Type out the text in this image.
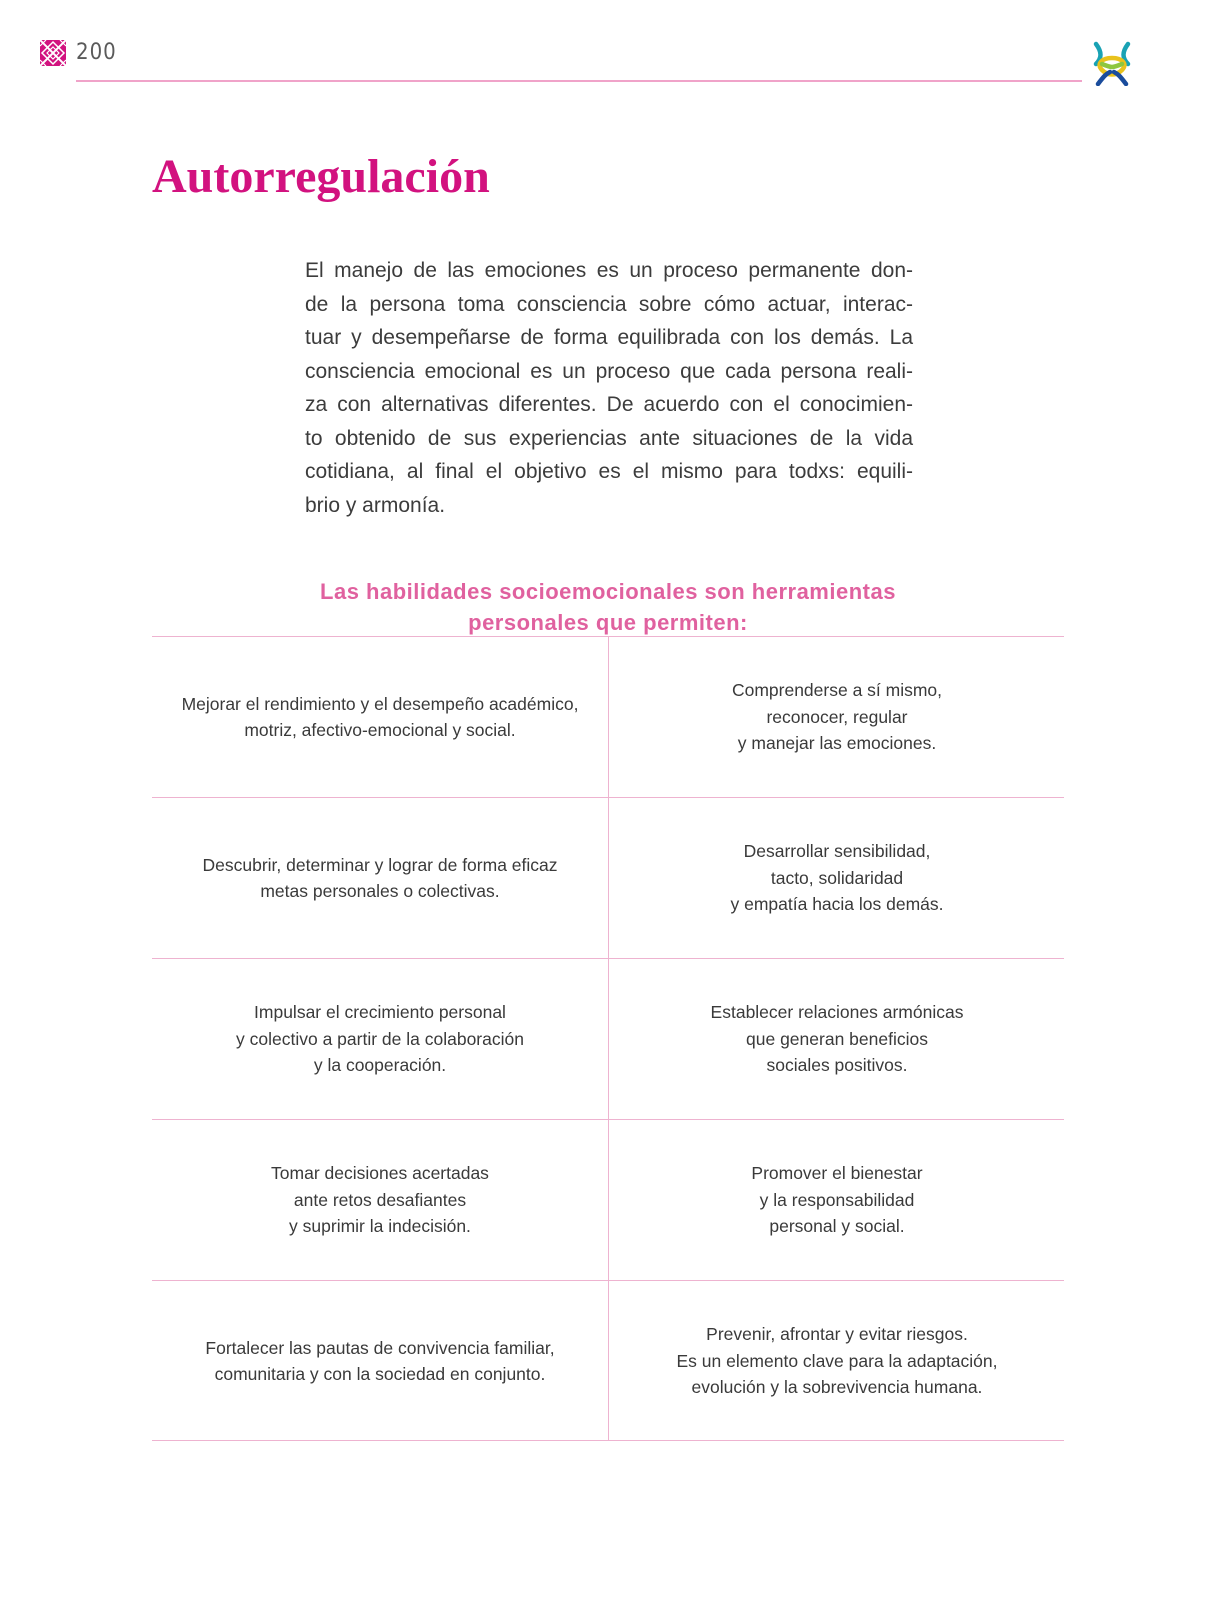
200
Autorregulación

El manejo de las emociones es un proceso permanente don-
de la persona toma consciencia sobre cómo actuar, interac-
tuar y desempeñarse de forma equilibrada con los demás. La
consciencia emocional es un proceso que cada persona reali-
za con alternativas diferentes. De acuerdo con el conocimien-
to obtenido de sus experiencias ante situaciones de la vida
cotidiana, al final el objetivo es el mismo para todxs: equili-
brio y armonía.

Las habilidades socioemocionales son herramientas
personales que permiten:
Mejorar el rendimiento y el desempeño académico,
motriz, afectivo-emocional y social.
Comprenderse a sí mismo,
reconocer, regular
y manejar las emociones.
Descubrir, determinar y lograr de forma eficaz
metas personales o colectivas.
Desarrollar sensibilidad,
tacto, solidaridad
y empatía hacia los demás.
Impulsar el crecimiento personal
y colectivo a partir de la colaboración
y la cooperación.
Establecer relaciones armónicas
que generan beneficios
sociales positivos.
Tomar decisiones acertadas
ante retos desafiantes
y suprimir la indecisión.
Promover el bienestar
y la responsabilidad
personal y social.
Fortalecer las pautas de convivencia familiar,
comunitaria y con la sociedad en conjunto.
Prevenir, afrontar y evitar riesgos.
Es un elemento clave para la adaptación,
evolución y la sobrevivencia humana.
